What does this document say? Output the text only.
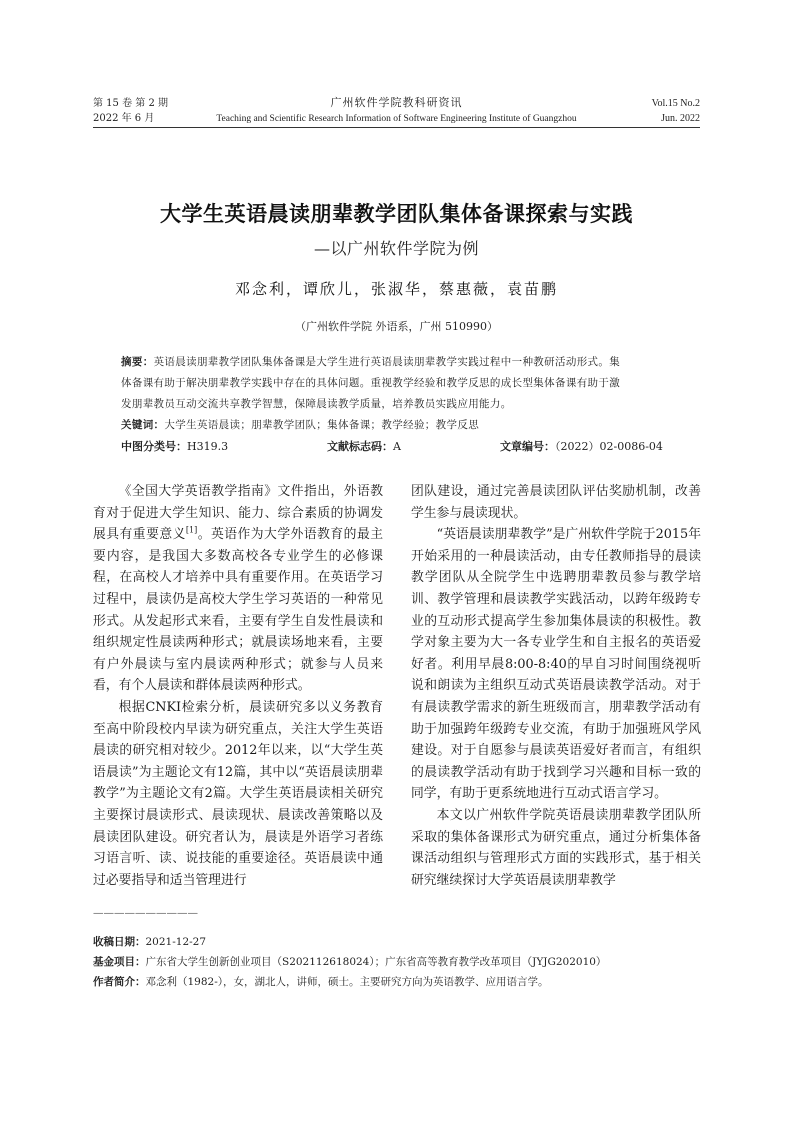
第 15 卷 第 2 期
2022 年 6 月
广州软件学院教科研资讯
Teaching and Scientific Research Information of Software Engineering Institute of Guangzhou
Vol.15 No.2
Jun. 2022
大学生英语晨读朋辈教学团队集体备课探索与实践
—以广州软件学院为例
邓念利，谭欣儿，张淑华，蔡惠薇，袁苗鹏
（广州软件学院 外语系，广州 510990）
摘要：英语晨读朋辈教学团队集体备课是大学生进行英语晨读朋辈教学实践过程中一种教研活动形式。集
体备课有助于解决朋辈教学实践中存在的具体问题。重视教学经验和教学反思的成长型集体备课有助于激
发朋辈教员互动交流共享教学智慧，保障晨读教学质量，培养教员实践应用能力。
关键词：大学生英语晨读；朋辈教学团队；集体备课；教学经验；教学反思
中图分类号：H319.3	文献标志码：A	文章编号：（2022）02-0086-04

《全国大学英语教学指南》文件指出，外语教育对于促进大学生知识、能力、综合素质的协调发展具有重要意义[1]。英语作为大学外语教育的最主要内容，是我国大多数高校各专业学生的必修课程，在高校人才培养中具有重要作用。在英语学习过程中，晨读仍是高校大学生学习英语的一种常见形式。从发起形式来看，主要有学生自发性晨读和组织规定性晨读两种形式；就晨读场地来看，主要有户外晨读与室内晨读两种形式；就参与人员来看，有个人晨读和群体晨读两种形式。

根据CNKI检索分析，晨读研究多以义务教育至高中阶段校内早读为研究重点，关注大学生英语晨读的研究相对较少。2012年以来，以“大学生英语晨读”为主题论文有12篇，其中以“英语晨读朋辈教学”为主题论文有2篇。大学生英语晨读相关研究主要探讨晨读形式、晨读现状、晨读改善策略以及晨读团队建设。研究者认为，晨读是外语学习者练习语言听、读、说技能的重要途径。英语晨读中通过必要指导和适当管理进行

团队建设，通过完善晨读团队评估奖励机制，改善学生参与晨读现状。

“英语晨读朋辈教学”是广州软件学院于2015年开始采用的一种晨读活动，由专任教师指导的晨读教学团队从全院学生中选聘朋辈教员参与教学培训、教学管理和晨读教学实践活动，以跨年级跨专业的互动形式提高学生参加集体晨读的积极性。教学对象主要为大一各专业学生和自主报名的英语爱好者。利用早晨8:00-8:40的早自习时间围绕视听说和朗读为主组织互动式英语晨读教学活动。对于有晨读教学需求的新生班级而言，朋辈教学活动有助于加强跨年级跨专业交流，有助于加强班风学风建设。对于自愿参与晨读英语爱好者而言，有组织的晨读教学活动有助于找到学习兴趣和目标一致的同学，有助于更系统地进行互动式语言学习。

本文以广州软件学院英语晨读朋辈教学团队所采取的集体备课形式为研究重点，通过分析集体备课活动组织与管理形式方面的实践形式，基于相关研究继续探讨大学英语晨读朋辈教学

——————————
收稿日期：2021-12-27
基金项目：广东省大学生创新创业项目（S202112618024）；广东省高等教育教学改革项目（JYJG202010）
作者简介：邓念利（1982-），女，湖北人，讲师，硕士。主要研究方向为英语教学、应用语言学。
